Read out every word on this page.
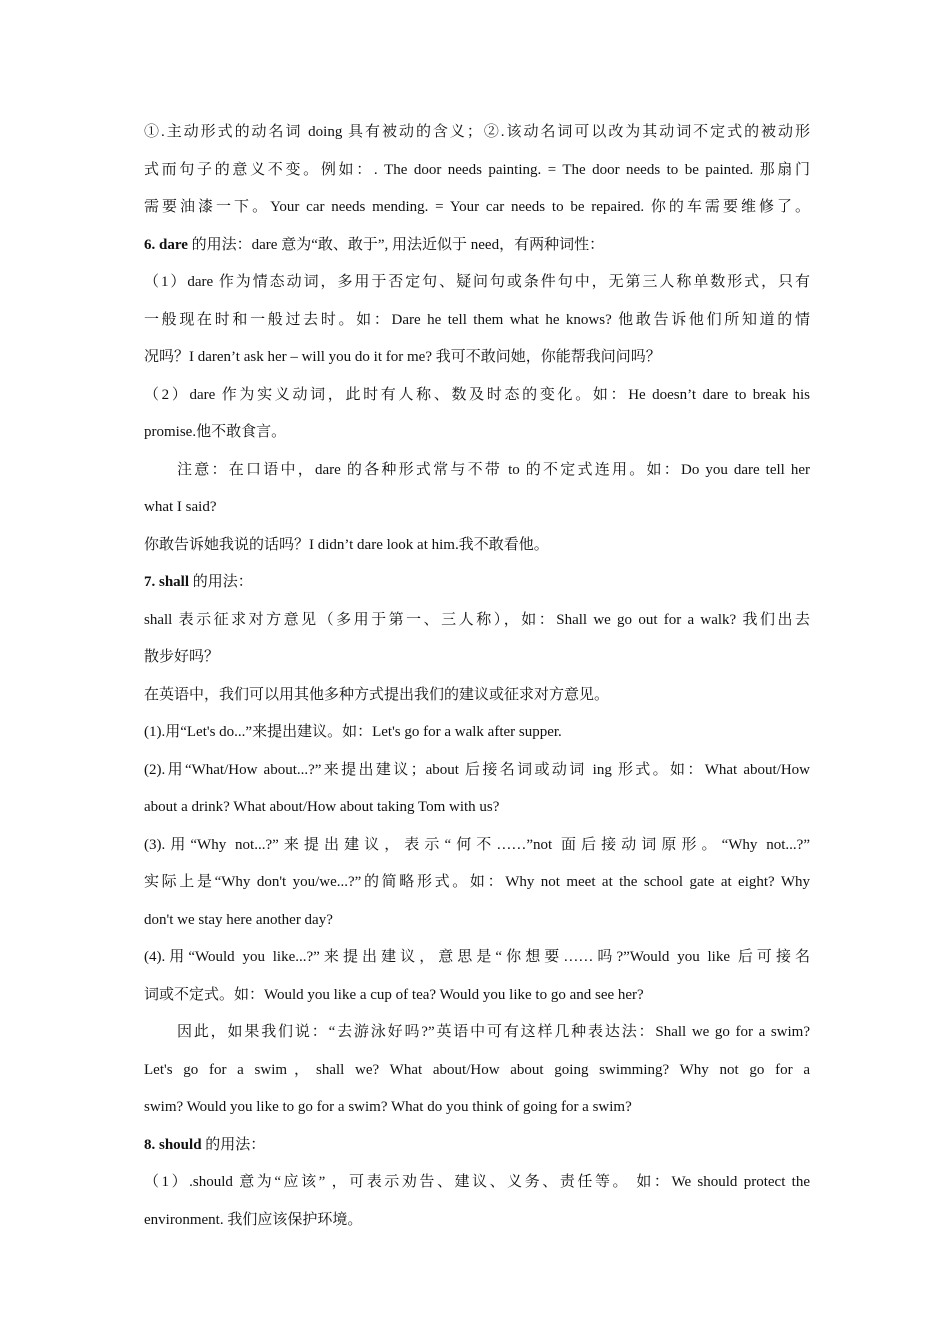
①.主动形式的动名词 doing 具有被动的含义；②.该动名词可以改为其动词不定式的被动形
式而句子的意义不变。例如：. The door needs painting. = The door needs to be painted. 那扇门
需要油漆一下。Your car needs mending. = Your car needs to be repaired. 你的车需要维修了。
6. dare 的用法：dare 意为“敢、敢于”, 用法近似于 need，有两种词性：
（1）dare 作为情态动词，多用于否定句、疑问句或条件句中，无第三人称单数形式，只有
一般现在时和一般过去时。如：Dare he tell them what he knows? 他敢告诉他们所知道的情
况吗？I daren’t ask her – will you do it for me? 我可不敢问她，你能帮我问问吗？
（2）dare 作为实义动词，此时有人称、数及时态的变化。如：He doesn’t dare to break his
promise.他不敢食言。
注意：在口语中，dare 的各种形式常与不带 to 的不定式连用。如：Do you dare tell her
what I said?
你敢告诉她我说的话吗？I didn’t dare look at him.我不敢看他。
7. shall 的用法：
shall 表示征求对方意见（多用于第一、三人称），如：Shall we go out for a walk? 我们出去
散步好吗？
在英语中，我们可以用其他多种方式提出我们的建议或征求对方意见。
(1).用“Let's do...”来提出建议。如：Let's go for a walk after supper.
(2).用“What/How about...?”来提出建议；about 后接名词或动词 ing 形式。如：What about/How
about a drink? What about/How about taking Tom with us?
(3).用“Why not...?”来提出建议，表示“何不……”not 面后接动词原形。“Why not...?”
实际上是“Why don't you/we...?”的简略形式。如：Why not meet at the school gate at eight? Why
don't we stay here another day?
(4).用“Would you like...?”来提出建议，意思是“你想要……吗?”Would you like 后可接名
词或不定式。如：Would you like a cup of tea? Would you like to go and see her?
因此，如果我们说：“去游泳好吗?”英语中可有这样几种表达法：Shall we go for a swim?
Let's go for a swim，shall we? What about/How about going swimming? Why not go for a
swim? Would you like to go for a swim? What do you think of going for a swim?
8. should 的用法：
（1）.should 意为“应该” ，可表示劝告、建议、义务、责任等。 如：We should protect the
environment. 我们应该保护环境。
